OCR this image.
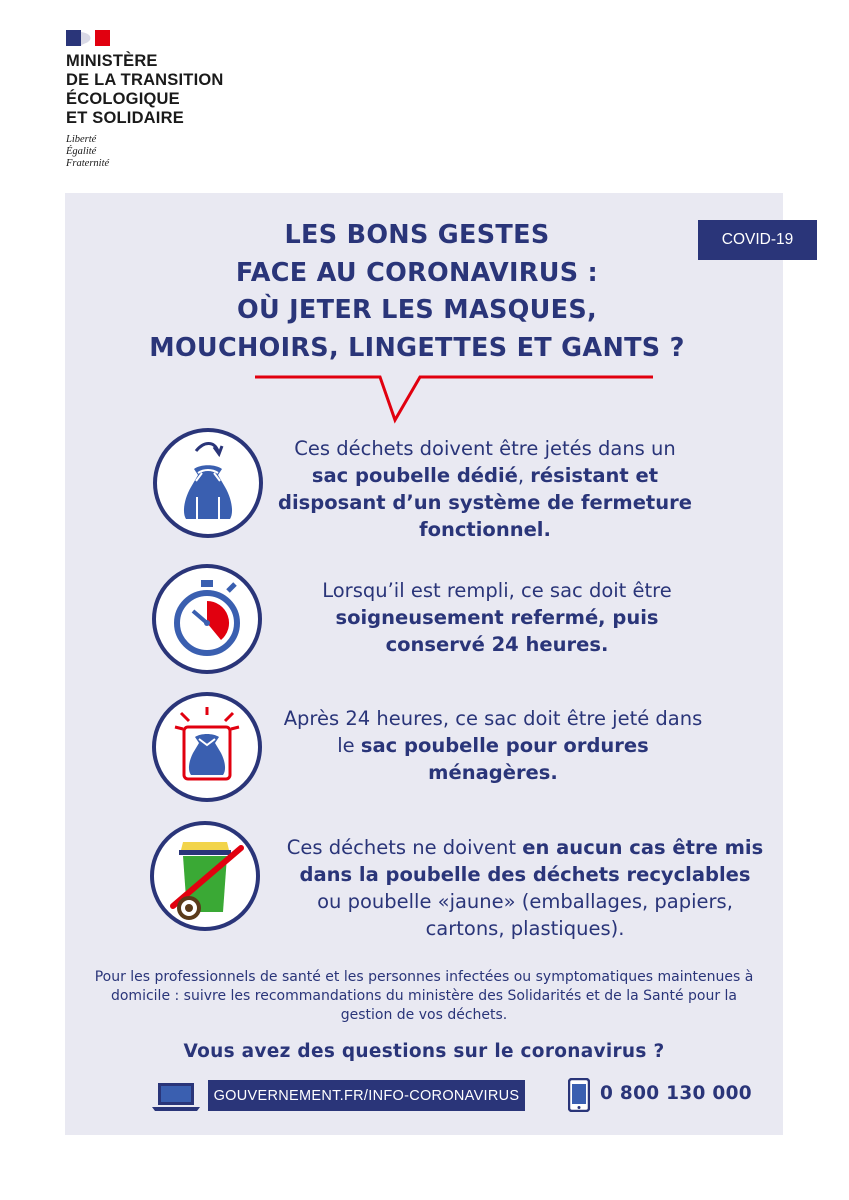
MINISTÈRE
DE LA TRANSITION
ÉCOLOGIQUE
ET SOLIDAIRE
Liberté
Égalité
Fraternité
COVID-19
LES BONS GESTES
FACE AU CORONAVIRUS :
OÙ JETER LES MASQUES,
MOUCHOIRS, LINGETTES ET GANTS ?
Ces déchets doivent être jetés dans un sac poubelle dédié, résistant et disposant d’un système de fermeture fonctionnel.
Lorsqu’il est rempli, ce sac doit être soigneusement refermé, puis conservé 24 heures.
Après 24 heures, ce sac doit être jeté dans le sac poubelle pour ordures ménagères.
Ces déchets ne doivent en aucun cas être mis dans la poubelle des déchets recyclables ou poubelle «jaune» (emballages, papiers, cartons, plastiques).
Pour les professionnels de santé et les personnes infectées ou symptomatiques maintenues à domicile : suivre les recommandations du ministère des Solidarités et de la Santé pour la gestion de vos déchets.
Vous avez des questions sur le coronavirus ?
GOUVERNEMENT.FR/INFO-CORONAVIRUS	0 800 130 000
